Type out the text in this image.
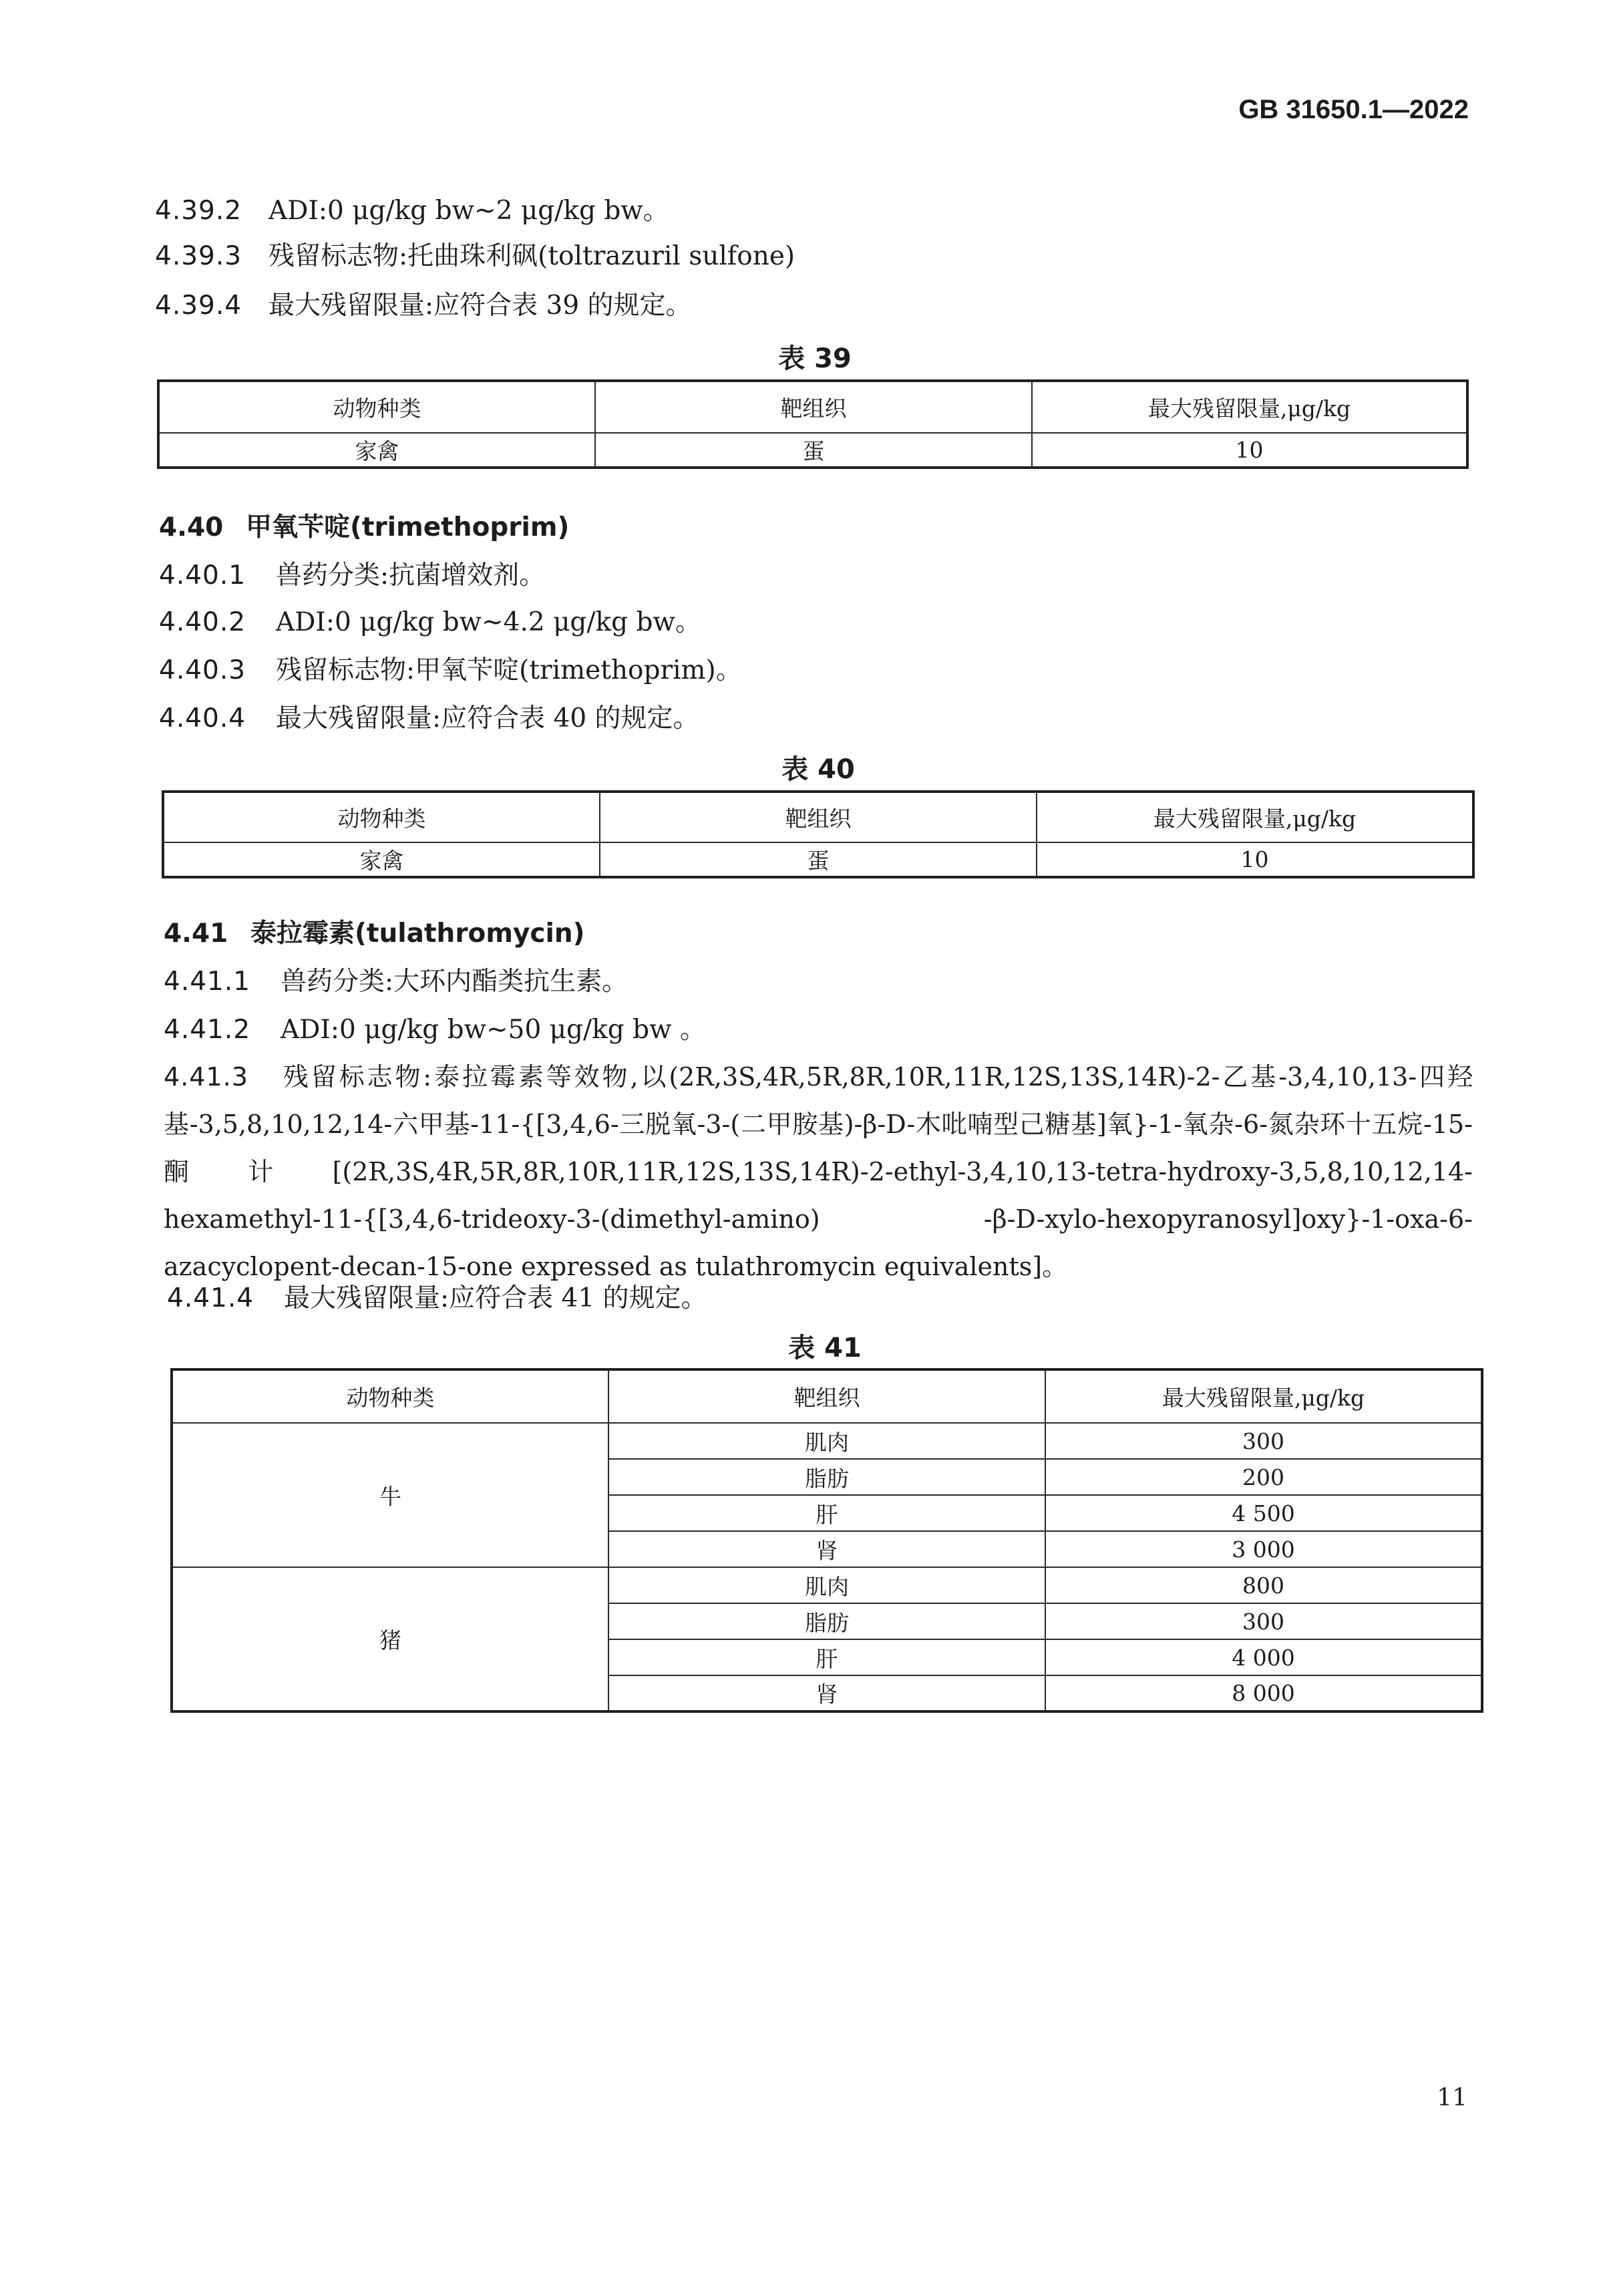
GB 31650.1—2022
4.39.2 ADI:0 μg/kg bw~2 μg/kg bw。
4.39.3 残留标志物:托曲珠利砜(toltrazuril sulfone)
4.39.4 最大残留限量:应符合表 39 的规定。
表 39
动物种类	靶组织	最大残留限量,μg/kg
家禽	蛋	10
4.40 甲氧苄啶(trimethoprim)
4.40.1 兽药分类:抗菌增效剂。
4.40.2 ADI:0 μg/kg bw~4.2 μg/kg bw。
4.40.3 残留标志物:甲氧苄啶(trimethoprim)。
4.40.4 最大残留限量:应符合表 40 的规定。
表 40
动物种类	靶组织	最大残留限量,μg/kg
家禽	蛋	10
4.41 泰拉霉素(tulathromycin)
4.41.1 兽药分类:大环内酯类抗生素。
4.41.2 ADI:0 μg/kg bw~50 μg/kg bw 。
4.41.3 残留标志物:泰拉霉素等效物,以(2R,3S,4R,5R,8R,10R,11R,12S,13S,14R)-2-乙基-3,4,10,13-四羟基-3,5,8,10,12,14-六甲基-11-{[3,4,6-三脱氧-3-(二甲胺基)-β-D-木吡喃型己糖基]氧}-1-氧杂-6-氮杂环十五烷-15-酮计[(2R,3S,4R,5R,8R,10R,11R,12S,13S,14R)-2-ethyl-3,4,10,13-tetra-hydroxy-3,5,8,10,12,14-hexamethyl-11-{[3,4,6-trideoxy-3-(dimethyl-amino) -β-D-xylo-hexopyranosyl]oxy}-1-oxa-6-azacyclopent-decan-15-one expressed as tulathromycin equivalents]。
4.41.4 最大残留限量:应符合表 41 的规定。
表 41
动物种类	靶组织	最大残留限量,μg/kg
牛	肌肉	300
	脂肪	200
	肝	4 500
	肾	3 000
猪	肌肉	800
	脂肪	300
	肝	4 000
	肾	8 000
11
